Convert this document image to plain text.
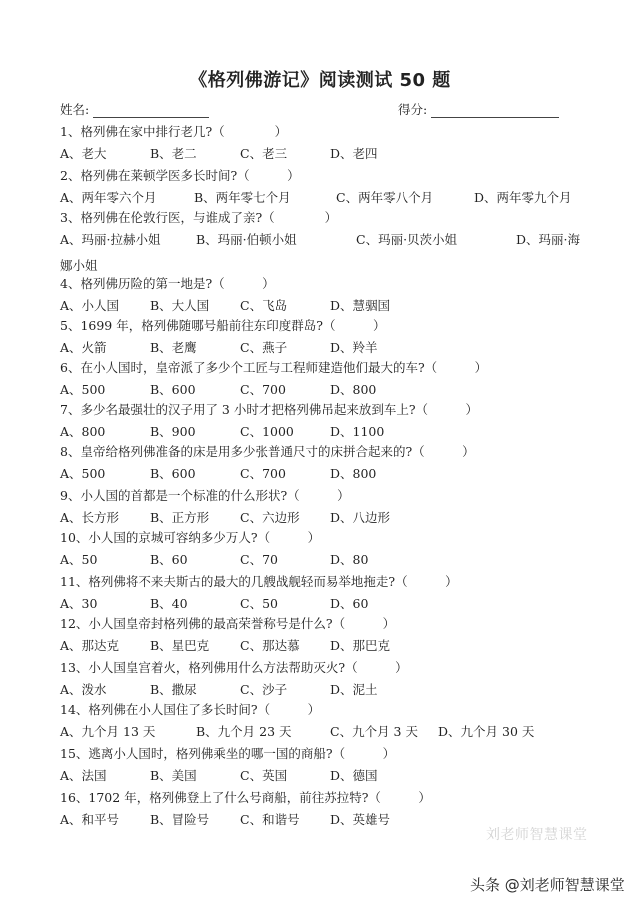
《格列佛游记》阅读测试 50 题
姓名:	得分:
1、格列佛在家中排行老几?（　　　　）
A、老大	B、老二	C、老三	D、老四
2、格列佛在莱顿学医多长时间?（　　　）
A、两年零六个月	B、两年零七个月	C、两年零八个月	D、两年零九个月
3、格列佛在伦敦行医，与谁成了亲?（　　　　）
A、玛丽·拉赫小姐	B、玛丽·伯顿小姐	C、玛丽·贝茨小姐	D、玛丽·海
娜小姐
4、格列佛历险的第一地是?（　　　）
A、小人国 B、大人国 C、飞岛	D、慧骃国
5、1699 年，格列佛随哪号船前往东印度群岛?（　　　）
A、火箭	B、老鹰	C、燕子	D、羚羊
6、在小人国时，皇帝派了多少个工匠与工程师建造他们最大的车?（　　　）
A、500	B、600	C、700	D、800
7、多少名最强壮的汉子用了 3 小时才把格列佛吊起来放到车上?（　　　）
A、800	B、900	C、1000	D、1100
8、皇帝给格列佛准备的床是用多少张普通尺寸的床拼合起来的?（　　　）
A、500	B、600	C、700	D、800
9、小人国的首都是一个标准的什么形状?（　　　）
A、长方形 B、正方形 C、六边形 D、八边形
10、小人国的京城可容纳多少万人?（　　　）
A、50	B、60	C、70	D、80
11、格列佛将不来夫斯古的最大的几艘战舰轻而易举地拖走?（　　　）
A、30	B、40	C、50	D、60
12、小人国皇帝封格列佛的最高荣誉称号是什么?（　　　）
A、那达克 B、星巴克 C、那达慕 D、那巴克
13、小人国皇宫着火，格列佛用什么方法帮助灭火?（　　　）
A、泼水	B、撒尿	C、沙子	D、泥土
14、格列佛在小人国住了多长时间?（　　　）
A、九个月 13 天	B、九个月 23 天	C、九个月 3 天 D、九个月 30 天
15、逃离小人国时，格列佛乘坐的哪一国的商船?（　　　）
A、法国	B、美国	C、英国	D、德国
16、1702 年，格列佛登上了什么号商船，前往苏拉特?（　　　）
A、和平号 B、冒险号 C、和谐号 D、英雄号
刘老师智慧课堂
头条 @刘老师智慧课堂
